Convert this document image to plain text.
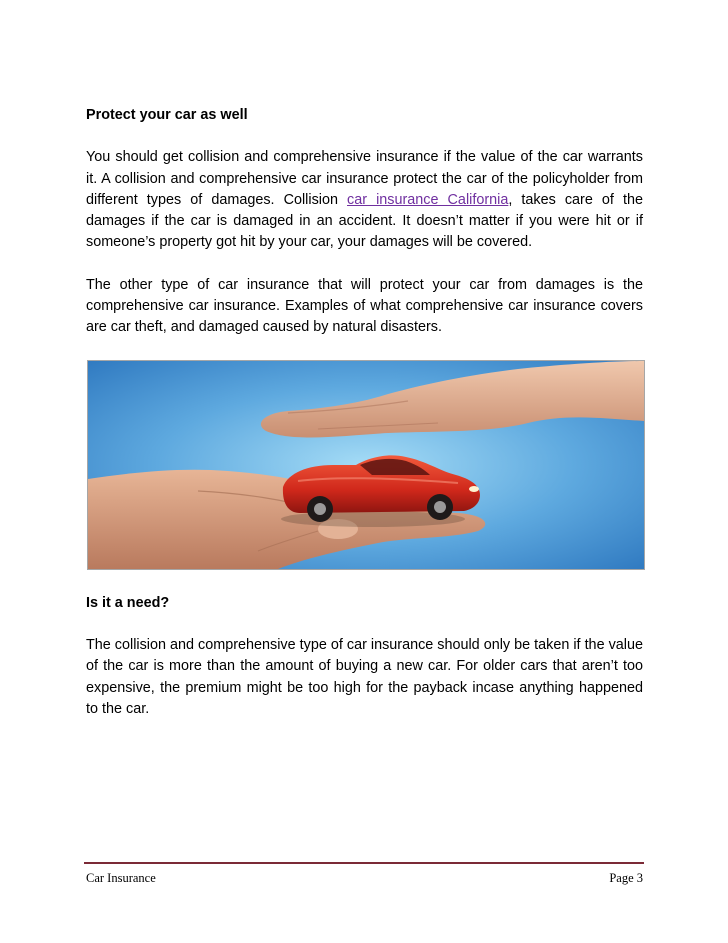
Protect your car as well

You should get collision and comprehensive insurance if the value of the car warrants it. A collision and comprehensive car insurance protect the car of the policyholder from different types of damages. Collision car insurance California, takes care of the damages if the car is damaged in an accident. It doesn’t matter if you were hit or if someone’s property got hit by your car, your damages will be covered.

The other type of car insurance that will protect your car from damages is the comprehensive car insurance. Examples of what comprehensive car insurance covers are car theft, and damaged caused by natural disasters.

Is it a need?

The collision and comprehensive type of car insurance should only be taken if the value of the car is more than the amount of buying a new car. For older cars that aren’t too expensive, the premium might be too high for the payback incase anything happened to the car.

Car Insurance	Page 3
